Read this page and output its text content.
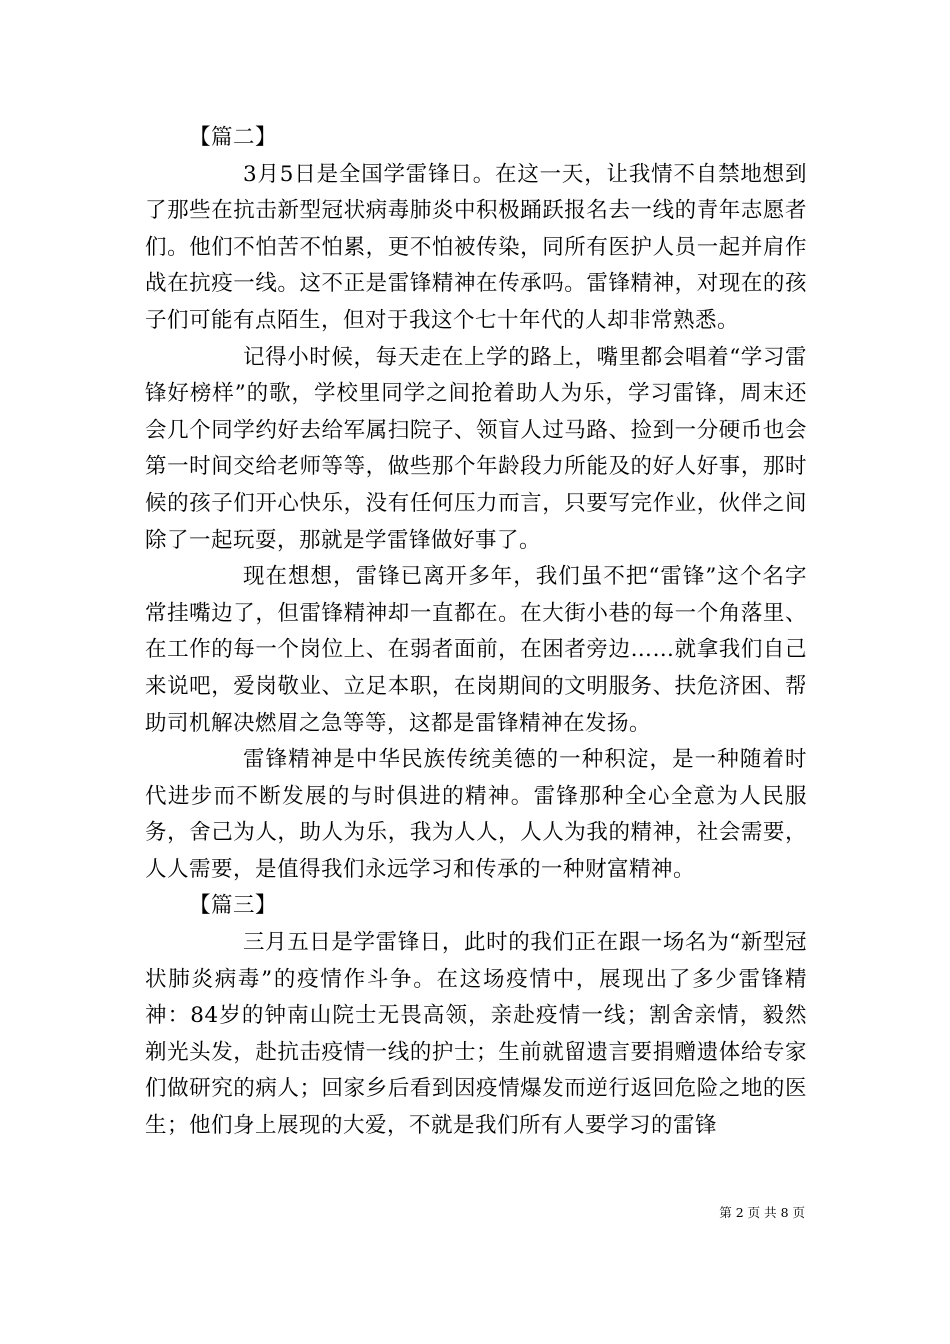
【篇二】

3月5日是全国学雷锋日。在这一天，让我情不自禁地想到了那些在抗击新型冠状病毒肺炎中积极踊跃报名去一线的青年志愿者们。他们不怕苦不怕累，更不怕被传染，同所有医护人员一起并肩作战在抗疫一线。这不正是雷锋精神在传承吗。雷锋精神，对现在的孩子们可能有点陌生，但对于我这个七十年代的人却非常熟悉。

记得小时候，每天走在上学的路上，嘴里都会唱着“学习雷锋好榜样”的歌，学校里同学之间抢着助人为乐，学习雷锋，周末还会几个同学约好去给军属扫院子、领盲人过马路、捡到一分硬币也会第一时间交给老师等等，做些那个年龄段力所能及的好人好事，那时候的孩子们开心快乐，没有任何压力而言，只要写完作业，伙伴之间除了一起玩耍，那就是学雷锋做好事了。

现在想想，雷锋已离开多年，我们虽不把“雷锋”这个名字常挂嘴边了，但雷锋精神却一直都在。在大街小巷的每一个角落里、在工作的每一个岗位上、在弱者面前，在困者旁边……就拿我们自己来说吧，爱岗敬业、立足本职，在岗期间的文明服务、扶危济困、帮助司机解决燃眉之急等等，这都是雷锋精神在发扬。

雷锋精神是中华民族传统美德的一种积淀，是一种随着时代进步而不断发展的与时俱进的精神。雷锋那种全心全意为人民服务，舍己为人，助人为乐，我为人人，人人为我的精神，社会需要，人人需要，是值得我们永远学习和传承的一种财富精神。

【篇三】

三月五日是学雷锋日，此时的我们正在跟一场名为“新型冠状肺炎病毒”的疫情作斗争。在这场疫情中，展现出了多少雷锋精神：84岁的钟南山院士无畏高领，亲赴疫情一线；割舍亲情，毅然剃光头发，赴抗击疫情一线的护士；生前就留遗言要捐赠遗体给专家们做研究的病人；回家乡后看到因疫情爆发而逆行返回危险之地的医生；他们身上展现的大爱，不就是我们所有人要学习的雷锋

第 2 页 共 8 页
